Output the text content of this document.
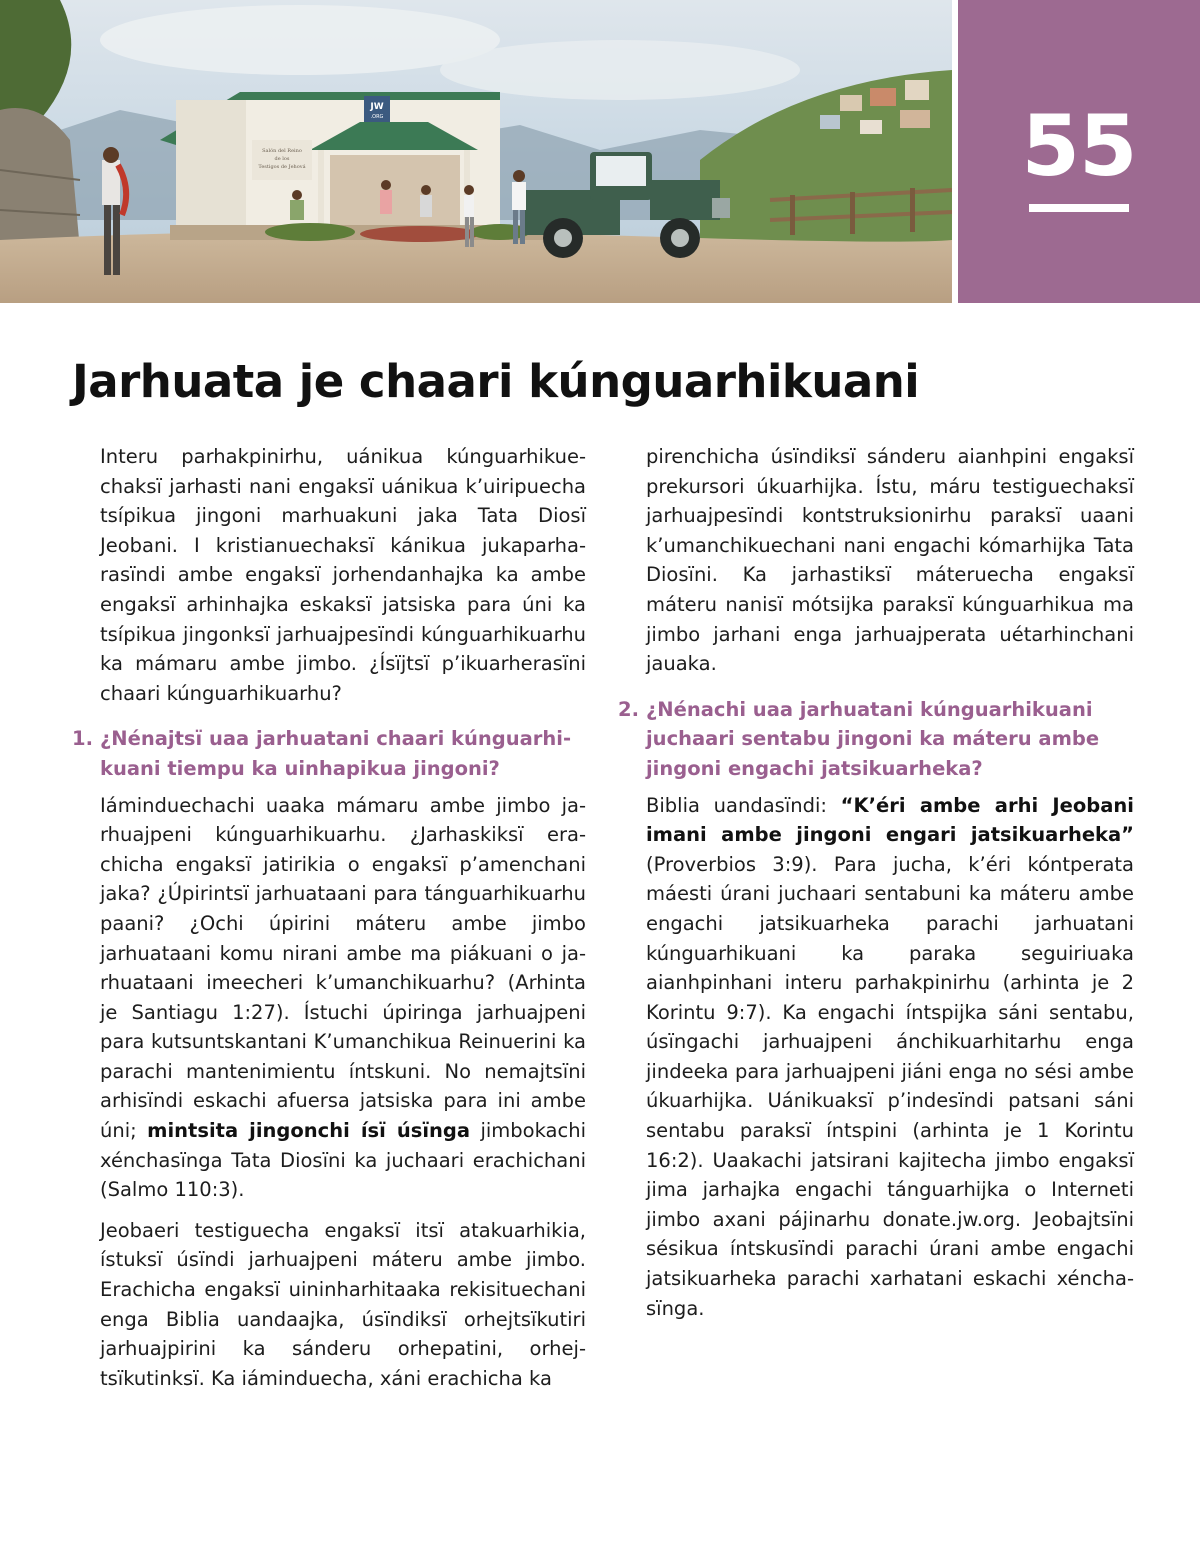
Salón del Reino
de los
Testigos de Jehová
JW
.ORG	55
Jarhuata je chaari kúnguarhikuani

Interu parhakpinirhu, uánikua kúnguarhikuechaksï jarhasti nani engaksï uánikua k’uiripuecha tsípikua jingoni marhuakuni jaka Tata Diosï Jeobani. I kristianuechaksï kánikua jukaparharasïndi ambe engaksï jorhendanhajka ka ambe engaksï arhinhajka eskaksï jatsiska para úni ka tsípikua jingonksï jarhuajpesïndi kúnguarhikuarhu ka mámaru ambe jimbo. ¿Ísïjtsï p’ikuarherasïni chaari kúnguarhikuarhu?

1. ¿Nénajtsï uaa jarhuatani chaari kúnguarhikuani tiempu ka uinhapikua jingoni?

Iáminduechachi uaaka mámaru ambe jimbo jarhuajpeni kúnguarhikuarhu. ¿Jarhaskiksï erachicha engaksï jatirikia o engaksï p’amenchani jaka? ¿Úpirintsï jarhuataani para tánguarhikuarhu paani? ¿Ochi úpirini máteru ambe jimbo jarhuataani komu nirani ambe ma piákuani o jarhuataani imeecheri k’umanchikuarhu? (Arhinta je Santiagu 1:27). Ístuchi úpiringa jarhuajpeni para kutsuntskantani K’umanchikua Reinuerini ka parachi mantenimientu íntskuni. No nemajtsïni arhisïndi eskachi afuersa jatsiska para ini ambe úni; mintsita jingonchi ísï úsïnga jimbokachi xénchasïnga Tata Diosïni ka juchaari erachichani (Salmo 110:3).

Jeobaeri testiguecha engaksï itsï atakuarhikia, ístuksï úsïndi jarhuajpeni máteru ambe jimbo. Erachicha engaksï uininharhitaaka rekisituechani enga Biblia uandaajka, úsïndiksï orhejtsïkutiri jarhuajpirini ka sánderu orhepatini, orhejtsïkutinksï. Ka iáminduecha, xáni erachicha ka

pirenchicha úsïndiksï sánderu aianhpini engaksï prekursori úkuarhijka. Ístu, máru testiguechaksï jarhuajpesïndi kontstruksionirhu paraksï uaani k’umanchikuechani nani engachi kómarhijka Tata Diosïni. Ka jarhastiksï máteruecha engaksï máteru nanisï mótsijka paraksï kúnguarhikua ma jimbo jarhani enga jarhuajperata uétarhinchani jauaka.

2. ¿Nénachi uaa jarhuatani kúnguarhikuani juchaari sentabu jingoni ka máteru ambe jingoni engachi jatsikuarheka?

Biblia uandasïndi: “K’éri ambe arhi Jeobani imani ambe jingoni engari jatsikuarheka” (Proverbios 3:9). Para jucha, k’éri kóntperata máesti úrani juchaari sentabuni ka máteru ambe engachi jatsikuarheka parachi jarhuatani kúnguarhikuani ka paraka seguiriuaka aianhpinhani interu parhakpinirhu (arhinta je 2 Korintu 9:7). Ka engachi íntspijka sáni sentabu, úsïngachi jarhuajpeni ánchikuarhitarhu enga jindeeka para jarhuajpeni jiáni enga no sési ambe úkuarhijka. Uánikuaksï p’indesïndi patsani sáni sentabu paraksï íntspini (arhinta je 1 Korintu 16:2). Uaakachi jatsirani kajitecha jimbo engaksï jima jarhajka engachi tánguarhijka o Interneti jimbo axani pájinarhu donate.jw.org. Jeobajtsïni sésikua íntskusïndi parachi úrani ambe engachi jatsikuarheka parachi xarhatani eskachi xénchasïnga.
